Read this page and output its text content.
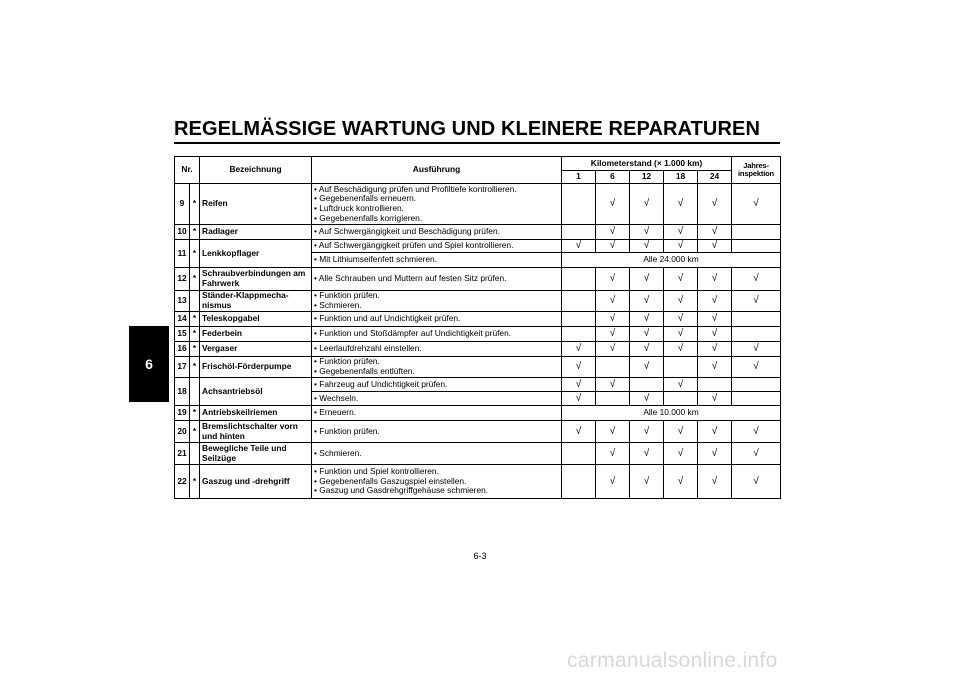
REGELMÄSSIGE WARTUNG UND KLEINERE REPARATUREN
6
Nr.		Bezeichnung	Ausführung	Kilometerstand (× 1.000 km)					Jahres-
inspektion
				1	6	12	18	24	
9	*	Reifen	• Auf Beschädigung prüfen und Profiltiefe kontrollieren.
• Gegebenenfalls erneuern.
• Luftdruck kontrollieren.
• Gegebenenfalls korrigieren.		√	√	√	√	√
10	*	Radlager	• Auf Schwergängigkeit und Beschädigung prüfen.		√	√	√	√	
11	*	Lenkkopflager	• Auf Schwergängigkeit prüfen und Spiel kontrollieren.	√	√	√	√	√	

			• Mit Lithiumseifenfett schmieren.	Alle 24.000 km					
12	*	Schraubverbindungen am Fahrwerk	• Alle Schrauben und Muttern auf festen Sitz prüfen.		√	√	√	√	√
13		Ständer-Klappmecha-nismus	• Funktion prüfen.
• Schmieren.		√	√	√	√	√
14	*	Teleskopgabel	• Funktion und auf Undichtigkeit prüfen.		√	√	√	√	
15	*	Federbein	• Funktion und Stoßdämpfer auf Undichtigkeit prüfen.		√	√	√	√	
16	*	Vergaser	• Leerlaufdrehzahl einstellen.	√	√	√	√	√	√
17	*	Frischöl-Förderpumpe	• Funktion prüfen.
• Gegebenenfalls entlüften.	√		√		√	√
18		Achsantriebsöl	• Fahrzeug auf Undichtigkeit prüfen.	√	√		√		

			• Wechseln.	√		√		√	
19	*	Antriebskeilriemen	• Erneuern.	Alle 10.000 km					
20	*	Bremslichtschalter vorn und hinten	• Funktion prüfen.	√	√	√	√	√	√
21		Bewegliche Teile und Seilzüge	• Schmieren.		√	√	√	√	√
22	*	Gaszug und -drehgriff	• Funktion und Spiel kontrollieren.
• Gegebenenfalls Gaszugspiel einstellen.
• Gaszug und Gasdrehgriffgehäuse schmieren.		√	√	√	√	√
6-3
carmanualsonline.info
